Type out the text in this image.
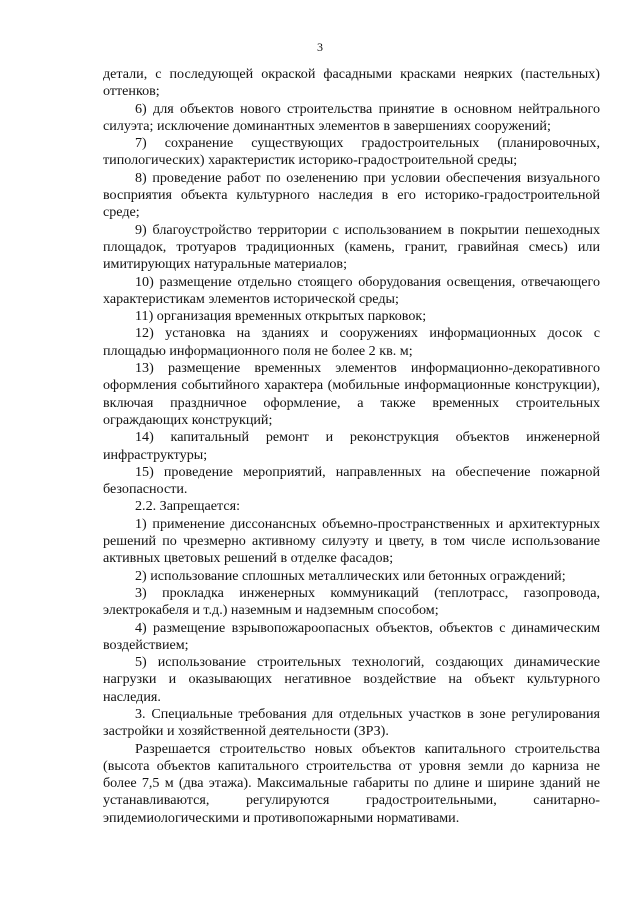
3

детали, с последующей окраской фасадными красками неярких (пастельных) оттенков;

6) для объектов нового строительства принятие в основном нейтрального силуэта; исключение доминантных элементов в завершениях сооружений;

7) сохранение существующих градостроительных (планировочных, типологических) характеристик историко-градостроительной среды;

8) проведение работ по озеленению при условии обеспечения визуального восприятия объекта культурного наследия в его историко-градостроительной среде;

9) благоустройство территории с использованием в покрытии пешеходных площадок, тротуаров традиционных (камень, гранит, гравийная смесь) или имитирующих натуральные материалов;

10) размещение отдельно стоящего оборудования освещения, отвечающего характеристикам элементов исторической среды;

11) организация временных открытых парковок;

12) установка на зданиях и сооружениях информационных досок с площадью информационного поля не более 2 кв. м;

13) размещение временных элементов информационно-декоративного оформления событийного характера (мобильные информационные конструкции), включая праздничное оформление, а также временных строительных ограждающих конструкций;

14) капитальный ремонт и реконструкция объектов инженерной инфраструктуры;

15) проведение мероприятий, направленных на обеспечение пожарной безопасности.

2.2. Запрещается:

1) применение диссонансных объемно-пространственных и архитектурных решений по чрезмерно активному силуэту и цвету, в том числе использование активных цветовых решений в отделке фасадов;

2) использование сплошных металлических или бетонных ограждений;

3) прокладка инженерных коммуникаций (теплотрасс, газопровода, электрокабеля и т.д.) наземным и надземным способом;

4) размещение взрывопожароопасных объектов, объектов с динамическим воздействием;

5) использование строительных технологий, создающих динамические нагрузки и оказывающих негативное воздействие на объект культурного наследия.

3. Специальные требования для отдельных участков в зоне регулирования застройки и хозяйственной деятельности (ЗРЗ).

Разрешается строительство новых объектов капитального строительства (высота объектов капитального строительства от уровня земли до карниза не более 7,5 м (два этажа). Максимальные габариты по длине и ширине зданий не устанавливаются, регулируются градостроительными, санитарно-эпидемиологическими и противопожарными нормативами.
